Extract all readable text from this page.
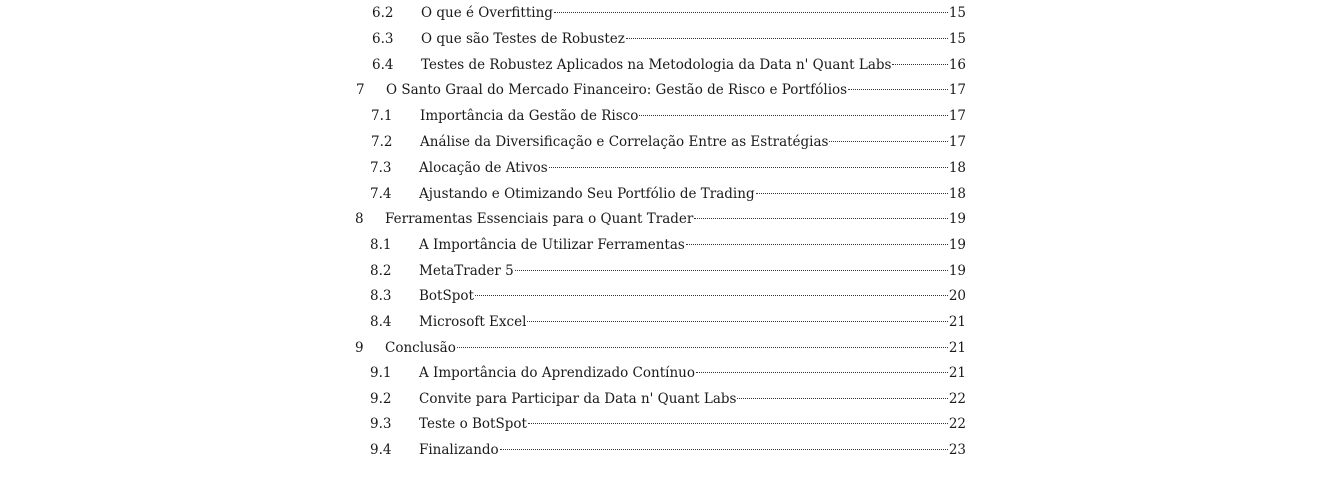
6.2	O que é Overfitting	15
6.3	O que são Testes de Robustez	15
6.4	Testes de Robustez Aplicados na Metodologia da Data n' Quant Labs	16
7	O Santo Graal do Mercado Financeiro: Gestão de Risco e Portfólios	17
7.1	Importância da Gestão de Risco	17
7.2	Análise da Diversificação e Correlação Entre as Estratégias	17
7.3	Alocação de Ativos	18
7.4	Ajustando e Otimizando Seu Portfólio de Trading	18
8	Ferramentas Essenciais para o Quant Trader	19
8.1	A Importância de Utilizar Ferramentas	19
8.2	MetaTrader 5	19
8.3	BotSpot	20
8.4	Microsoft Excel	21
9	Conclusão	21
9.1	A Importância do Aprendizado Contínuo	21
9.2	Convite para Participar da Data n' Quant Labs	22
9.3	Teste o BotSpot	22
9.4	Finalizando	23
